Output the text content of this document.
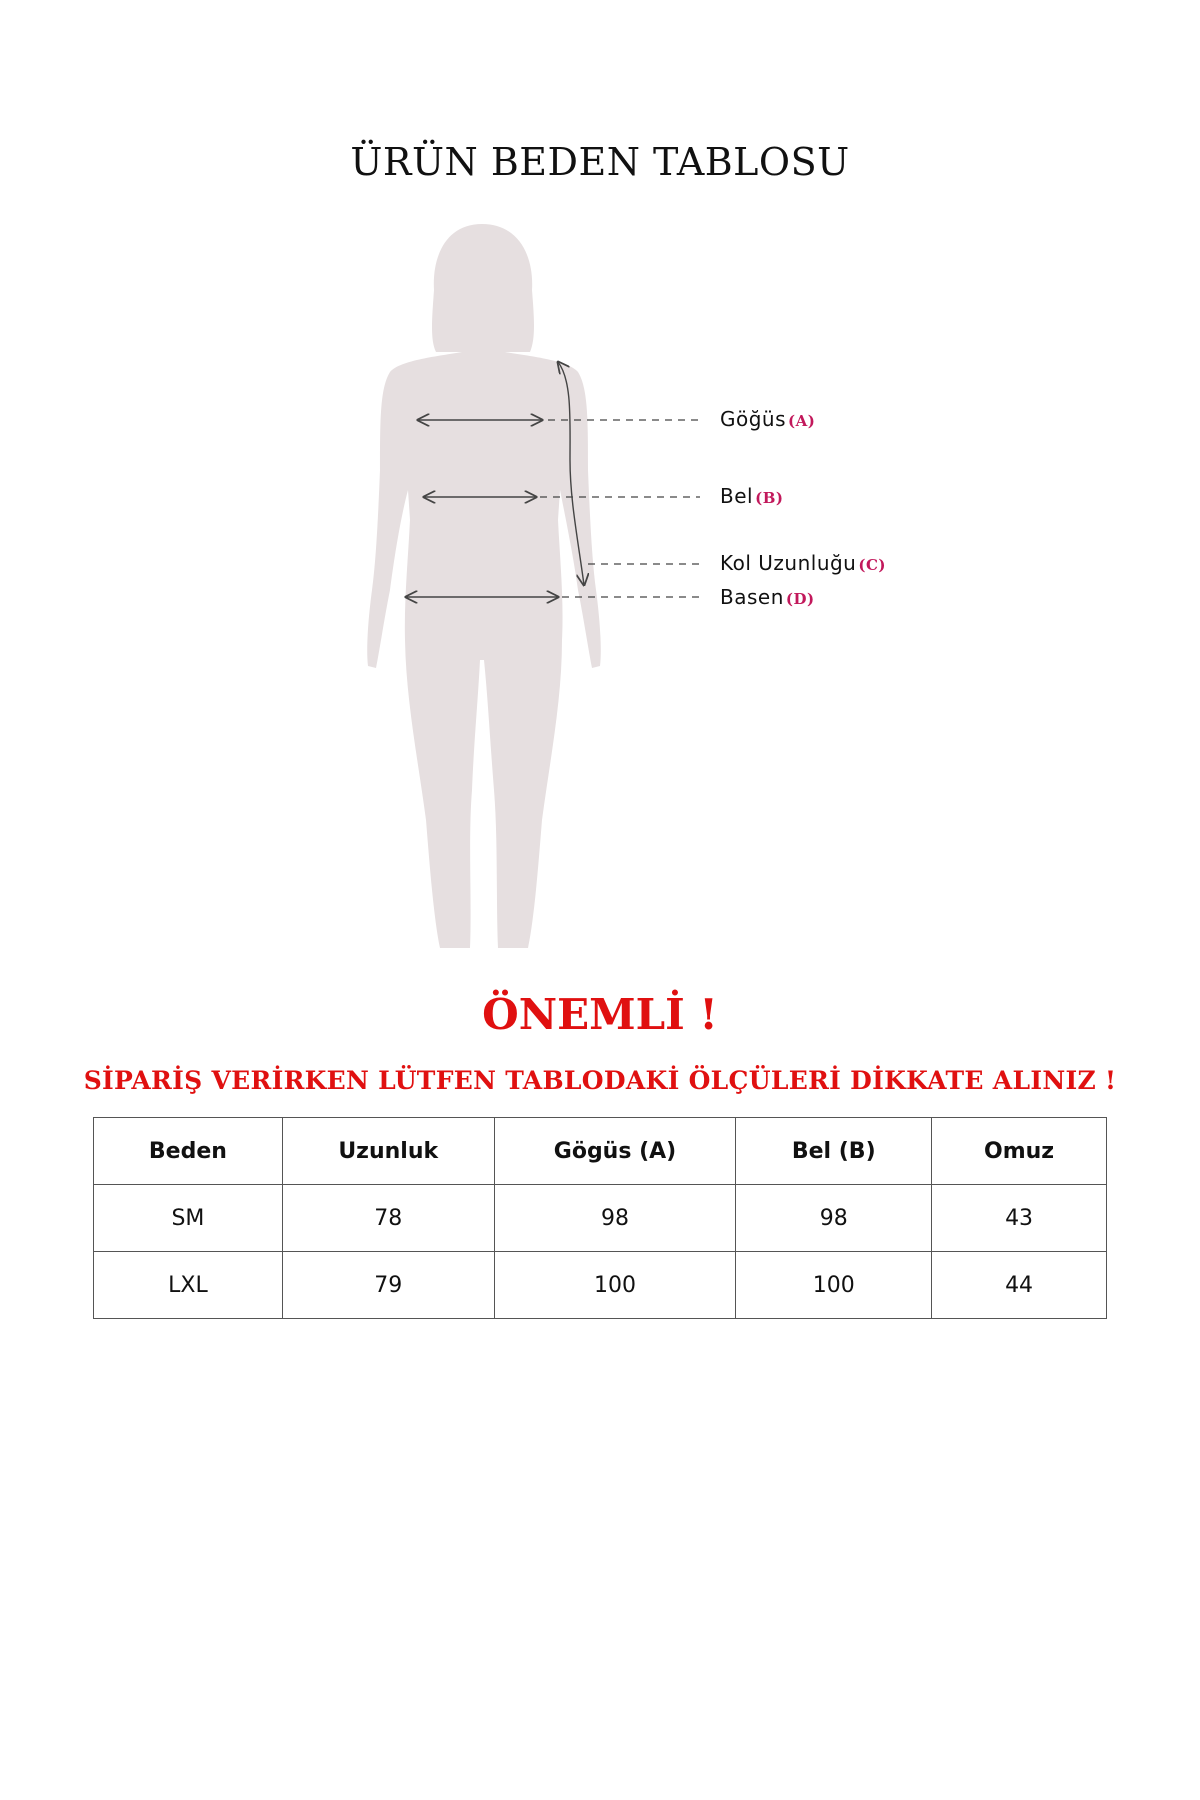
ÜRÜN BEDEN TABLOSU
Göğüs (A)
Bel (B)
Kol Uzunluğu (C)
Basen (D)
ÖNEMLİ !
SİPARİŞ VERİRKEN LÜTFEN TABLODAKİ ÖLÇÜLERİ DİKKATE ALINIZ !
Beden	Uzunluk	Gögüs (A)	Bel (B)	Omuz
SM	78	98	98	43
LXL	79	100	100	44
